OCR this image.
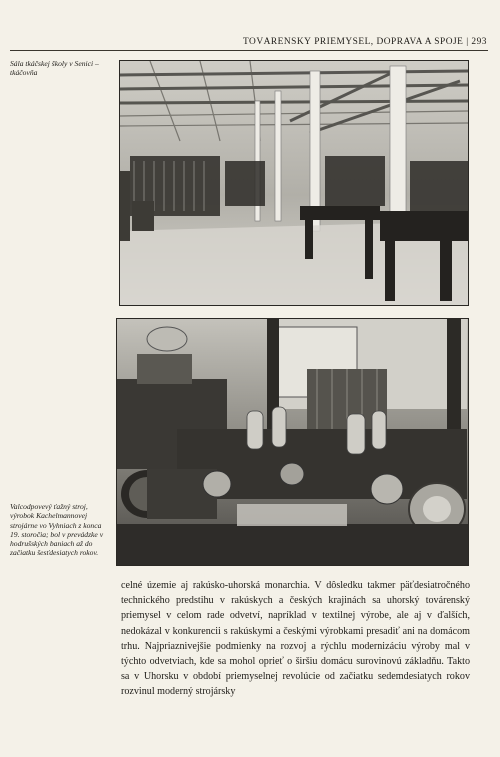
TOVÁRENSKÝ PRIEMYSEL, DOPRAVA A SPOJE | 293
Sála tkáčskej školy v Senici – tkáčovňa
Valcodpovevý ťažný stroj, výrobok Kachelmannovej strojárne vo Vyhniach z konca 19. storočia; bol v prevádzke v hodrušských baniach až do začiatku šesťdesiatych rokov.

celné územie aj rakúsko-uhorská monarchia. V dôsledku takmer päťdesiatročného technického predstihu v rakúskych a českých krajinách sa uhorský továrenský priemysel v celom rade odvetví, napríklad v textilnej výrobe, ale aj v ďalších, nedokázal v konkurencii s rakúskymi a českými výrobkami presadiť ani na domácom trhu. Najpriaznivejšie podmienky na rozvoj a rýchlu modernizáciu výroby mal v týchto odvetviach, kde sa mohol oprieť o širšiu domácu surovinovú základňu. Takto sa v Uhorsku v období priemyselnej revolúcie od začiatku sedemdesiatych rokov rozvinul moderný strojársky
